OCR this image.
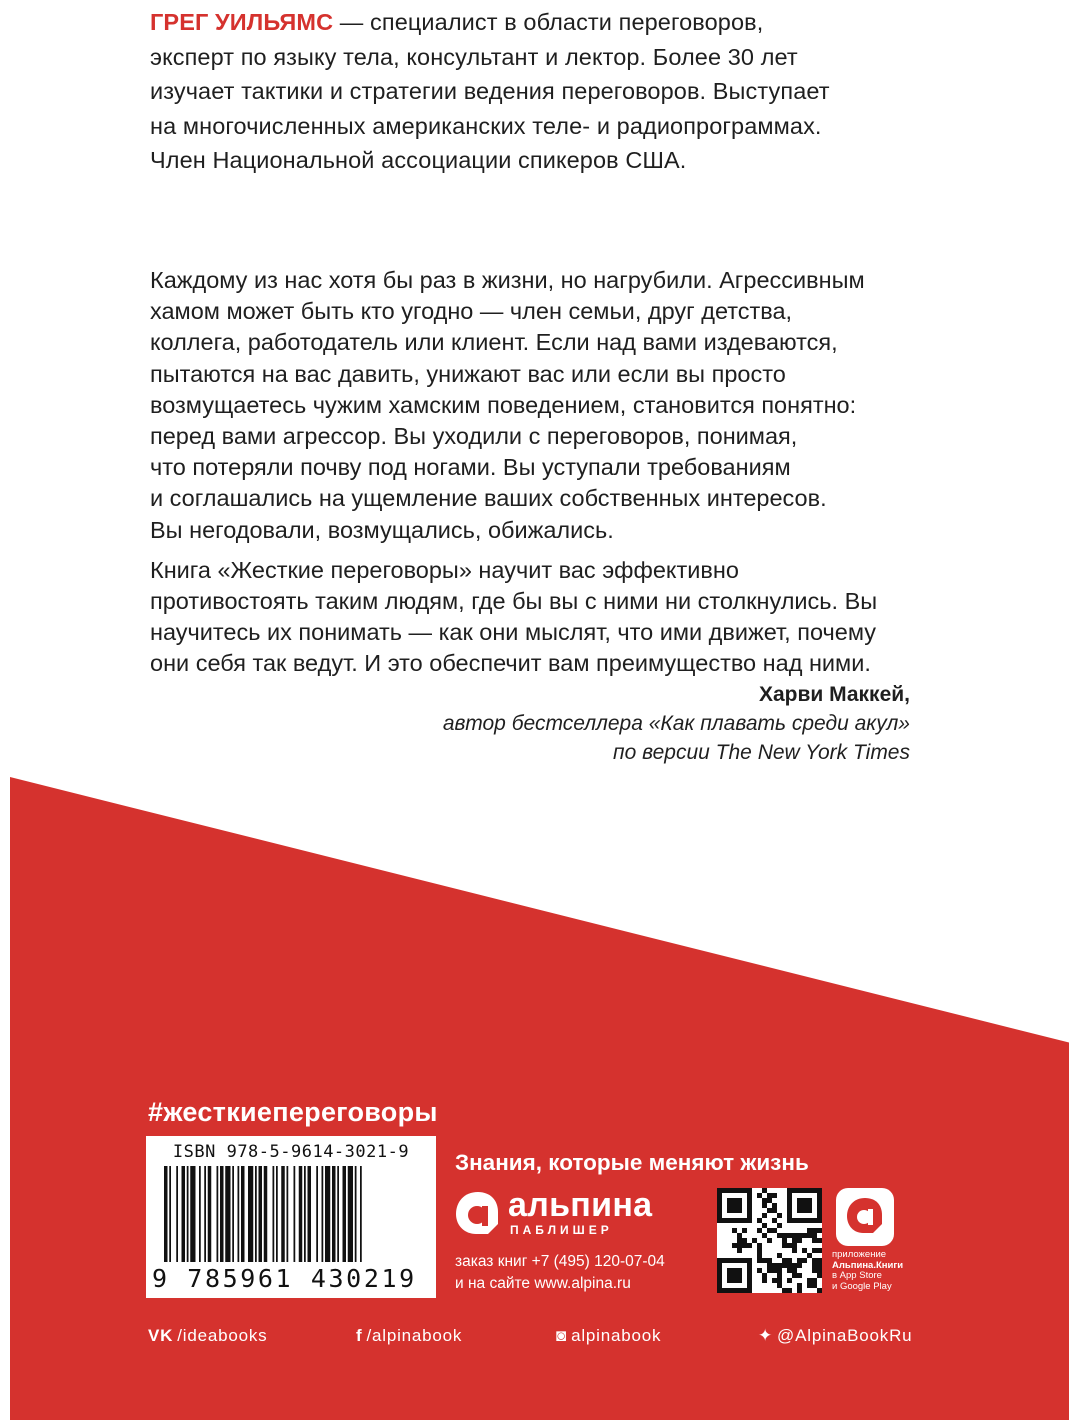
ГРЕГ УИЛЬЯМС — специалист в области переговоров,
эксперт по языку тела, консультант и лектор. Более 30 лет
изучает тактики и стратегии ведения переговоров. Выступает
на многочисленных американских теле- и радиопрограммах.
Член Национальной ассоциации спикеров США.

Каждому из нас хотя бы раз в жизни, но нагрубили. Агрессивным
хамом может быть кто угодно — член семьи, друг детства,
коллега, работодатель или клиент. Если над вами издеваются,
пытаются на вас давить, унижают вас или если вы просто
возмущаетесь чужим хамским поведением, становится понятно:
перед вами агрессор. Вы уходили с переговоров, понимая,
что потеряли почву под ногами. Вы уступали требованиям
и соглашались на ущемление ваших собственных интересов.
Вы негодовали, возмущались, обижались.

Книга «Жесткие переговоры» научит вас эффективно
противостоять таким людям, где бы вы с ними ни столкнулись. Вы
научитесь их понимать — как они мыслят, что ими движет, почему
они себя так ведут. И это обеспечит вам преимущество над ними.

Харви Маккей,
автор бестселлера «Как плавать среди акул»
по версии The New York Times
#жесткиепереговоры
ISBN 978-5-9614-3021-9
9 785961 430219
Знания, которые меняют жизнь
альпина
ПАБЛИШЕР
заказ книг +7 (495) 120-07-04
и на сайте www.alpina.ru
приложение
Альпина.Книги
в App Store
и Google Play
VK /ideabooks	f /alpinabook	◙ alpinabook	✦ @AlpinaBookRu
